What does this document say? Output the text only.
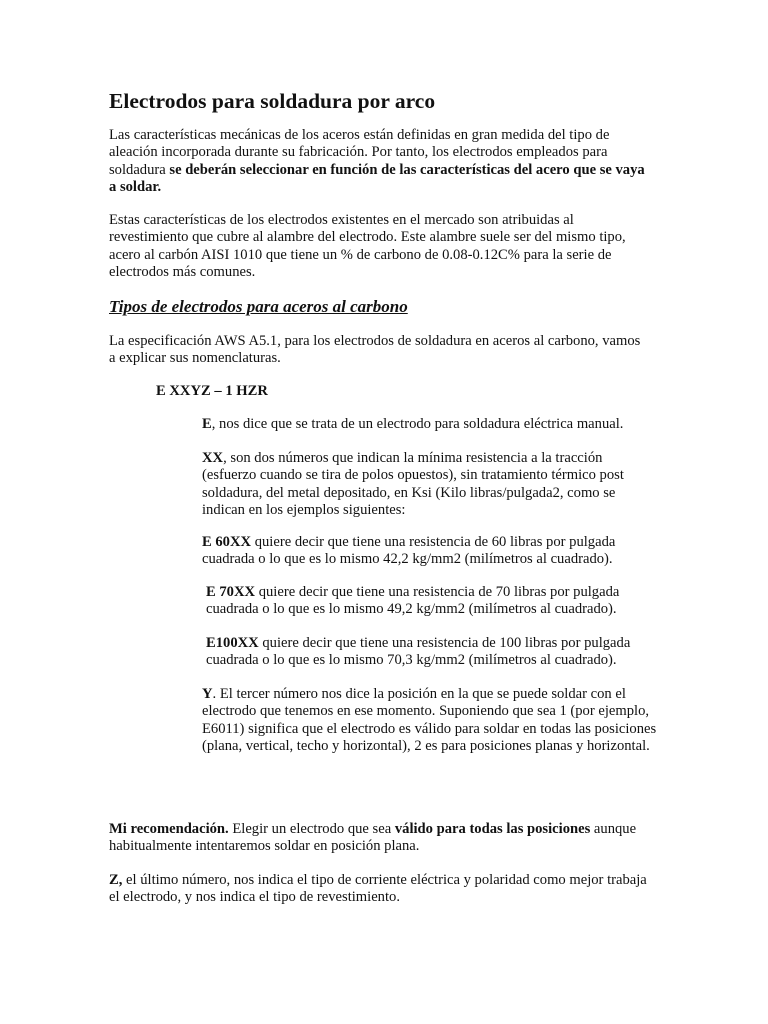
Electrodos para soldadura por arco

Las características mecánicas de los aceros están definidas en gran medida del tipo de aleación incorporada durante su fabricación. Por tanto, los electrodos empleados para soldadura se deberán seleccionar en función de las características del acero que se vaya a soldar.

Estas características de los electrodos existentes en el mercado son atribuidas al revestimiento que cubre al alambre del electrodo. Este alambre suele ser del mismo tipo, acero al carbón AISI 1010 que tiene un % de carbono de 0.08-0.12C% para la serie de electrodos más comunes.

Tipos de electrodos para aceros al carbono

La especificación AWS A5.1, para los electrodos de soldadura en aceros al carbono, vamos a explicar sus nomenclaturas.

E XXYZ – 1 HZR

E, nos dice que se trata de un electrodo para soldadura eléctrica manual.

XX, son dos números que indican la mínima resistencia a la tracción (esfuerzo cuando se tira de polos opuestos), sin tratamiento térmico post soldadura, del metal depositado, en Ksi (Kilo libras/pulgada2, como se indican en los ejemplos siguientes:

E 60XX quiere decir que tiene una resistencia de 60 libras por pulgada cuadrada o lo que es lo mismo 42,2 kg/mm2 (milímetros al cuadrado).

E 70XX quiere decir que tiene una resistencia de 70 libras por pulgada cuadrada o lo que es lo mismo 49,2 kg/mm2 (milímetros al cuadrado).

E100XX quiere decir que tiene una resistencia de 100 libras por pulgada cuadrada o lo que es lo mismo 70,3 kg/mm2 (milímetros al cuadrado).

Y. El tercer número nos dice la posición en la que se puede soldar con el electrodo que tenemos en ese momento. Suponiendo que sea 1 (por ejemplo, E6011) significa que el electrodo es válido para soldar en todas las posiciones (plana, vertical, techo y horizontal), 2 es para posiciones planas y horizontal.

Mi recomendación. Elegir un electrodo que sea válido para todas las posiciones aunque habitualmente intentaremos soldar en posición plana.

Z, el último número, nos indica el tipo de corriente eléctrica y polaridad como mejor trabaja el electrodo, y nos indica el tipo de revestimiento.
